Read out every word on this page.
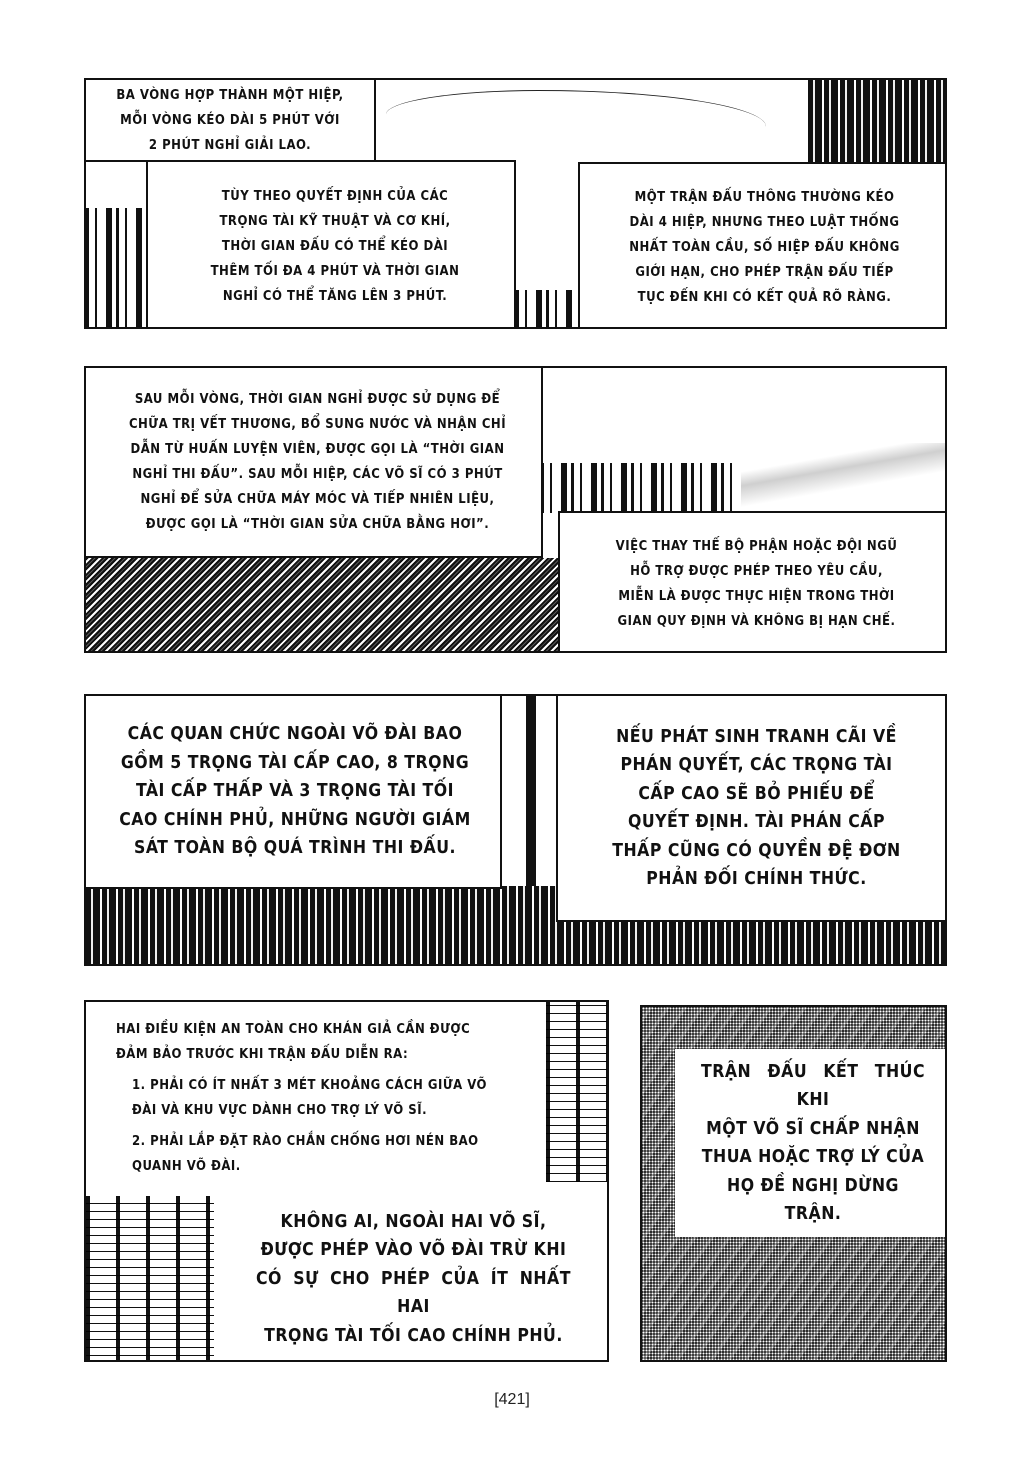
BA VÒNG HỢP THÀNH MỘT HIỆP,

MỖI VÒNG KÉO DÀI 5 PHÚT VỚI

2 PHÚT NGHỈ GIẢI LAO.

TÙY THEO QUYẾT ĐỊNH CỦA CÁC

TRỌNG TÀI KỸ THUẬT VÀ CƠ KHÍ,

THỜI GIAN ĐẤU CÓ THỂ KÉO DÀI

THÊM TỐI ĐA 4 PHÚT VÀ THỜI GIAN

NGHỈ CÓ THỂ TĂNG LÊN 3 PHÚT.

MỘT TRẬN ĐẤU THÔNG THƯỜNG KÉO

DÀI 4 HIỆP, NHƯNG THEO LUẬT THỐNG

NHẤT TOÀN CẦU, SỐ HIỆP ĐẤU KHÔNG

GIỚI HẠN, CHO PHÉP TRẬN ĐẤU TIẾP

TỤC ĐẾN KHI CÓ KẾT QUẢ RÕ RÀNG.

SAU MỖI VÒNG, THỜI GIAN NGHỈ ĐƯỢC SỬ DỤNG ĐỂ

CHỮA TRỊ VẾT THƯƠNG, BỔ SUNG NƯỚC VÀ NHẬN CHỈ

DẪN TỪ HUẤN LUYỆN VIÊN, ĐƯỢC GỌI LÀ “THỜI GIAN

NGHỈ THI ĐẤU”. SAU MỖI HIỆP, CÁC VÕ SĨ CÓ 3 PHÚT

NGHỈ ĐỂ SỬA CHỮA MÁY MÓC VÀ TIẾP NHIÊN LIỆU,

ĐƯỢC GỌI LÀ “THỜI GIAN SỬA CHỮA BẰNG HƠI”.

VIỆC THAY THẾ BỘ PHẬN HOẶC ĐỘI NGŨ

HỖ TRỢ ĐƯỢC PHÉP THEO YÊU CẦU,

MIỄN LÀ ĐƯỢC THỰC HIỆN TRONG THỜI

GIAN QUY ĐỊNH VÀ KHÔNG BỊ HẠN CHẾ.

CÁC QUAN CHỨC NGOÀI VÕ ĐÀI BAO

GỒM 5 TRỌNG TÀI CẤP CAO, 8 TRỌNG

TÀI CẤP THẤP VÀ 3 TRỌNG TÀI TỐI

CAO CHÍNH PHỦ, NHỮNG NGƯỜI GIÁM

SÁT TOÀN BỘ QUÁ TRÌNH THI ĐẤU.

NẾU PHÁT SINH TRANH CÃI VỀ

PHÁN QUYẾT, CÁC TRỌNG TÀI

CẤP CAO SẼ BỎ PHIẾU ĐỂ

QUYẾT ĐỊNH. TÀI PHÁN CẤP

THẤP CŨNG CÓ QUYỀN ĐỆ ĐƠN

PHẢN ĐỐI CHÍNH THỨC.

HAI ĐIỀU KIỆN AN TOÀN CHO KHÁN GIẢ CẦN ĐƯỢC

ĐẢM BẢO TRƯỚC KHI TRẬN ĐẤU DIỄN RA:

1. PHẢI CÓ ÍT NHẤT 3 MÉT KHOẢNG CÁCH GIỮA VÕ

ĐÀI VÀ KHU VỰC DÀNH CHO TRỢ LÝ VÕ SĨ.

2. PHẢI LẮP ĐẶT RÀO CHẮN CHỐNG HƠI NÉN BAO

QUANH VÕ ĐÀI.

KHÔNG AI, NGOÀI HAI VÕ SĨ,

ĐƯỢC PHÉP VÀO VÕ ĐÀI TRỪ KHI

CÓ SỰ CHO PHÉP CỦA ÍT NHẤT HAI

TRỌNG TÀI TỐI CAO CHÍNH PHỦ.

TRẬN ĐẤU KẾT THÚC KHI

MỘT VÕ SĨ CHẤP NHẬN

THUA HOẶC TRỢ LÝ CỦA

HỌ ĐỀ NGHỊ DỪNG TRẬN.

[421]
